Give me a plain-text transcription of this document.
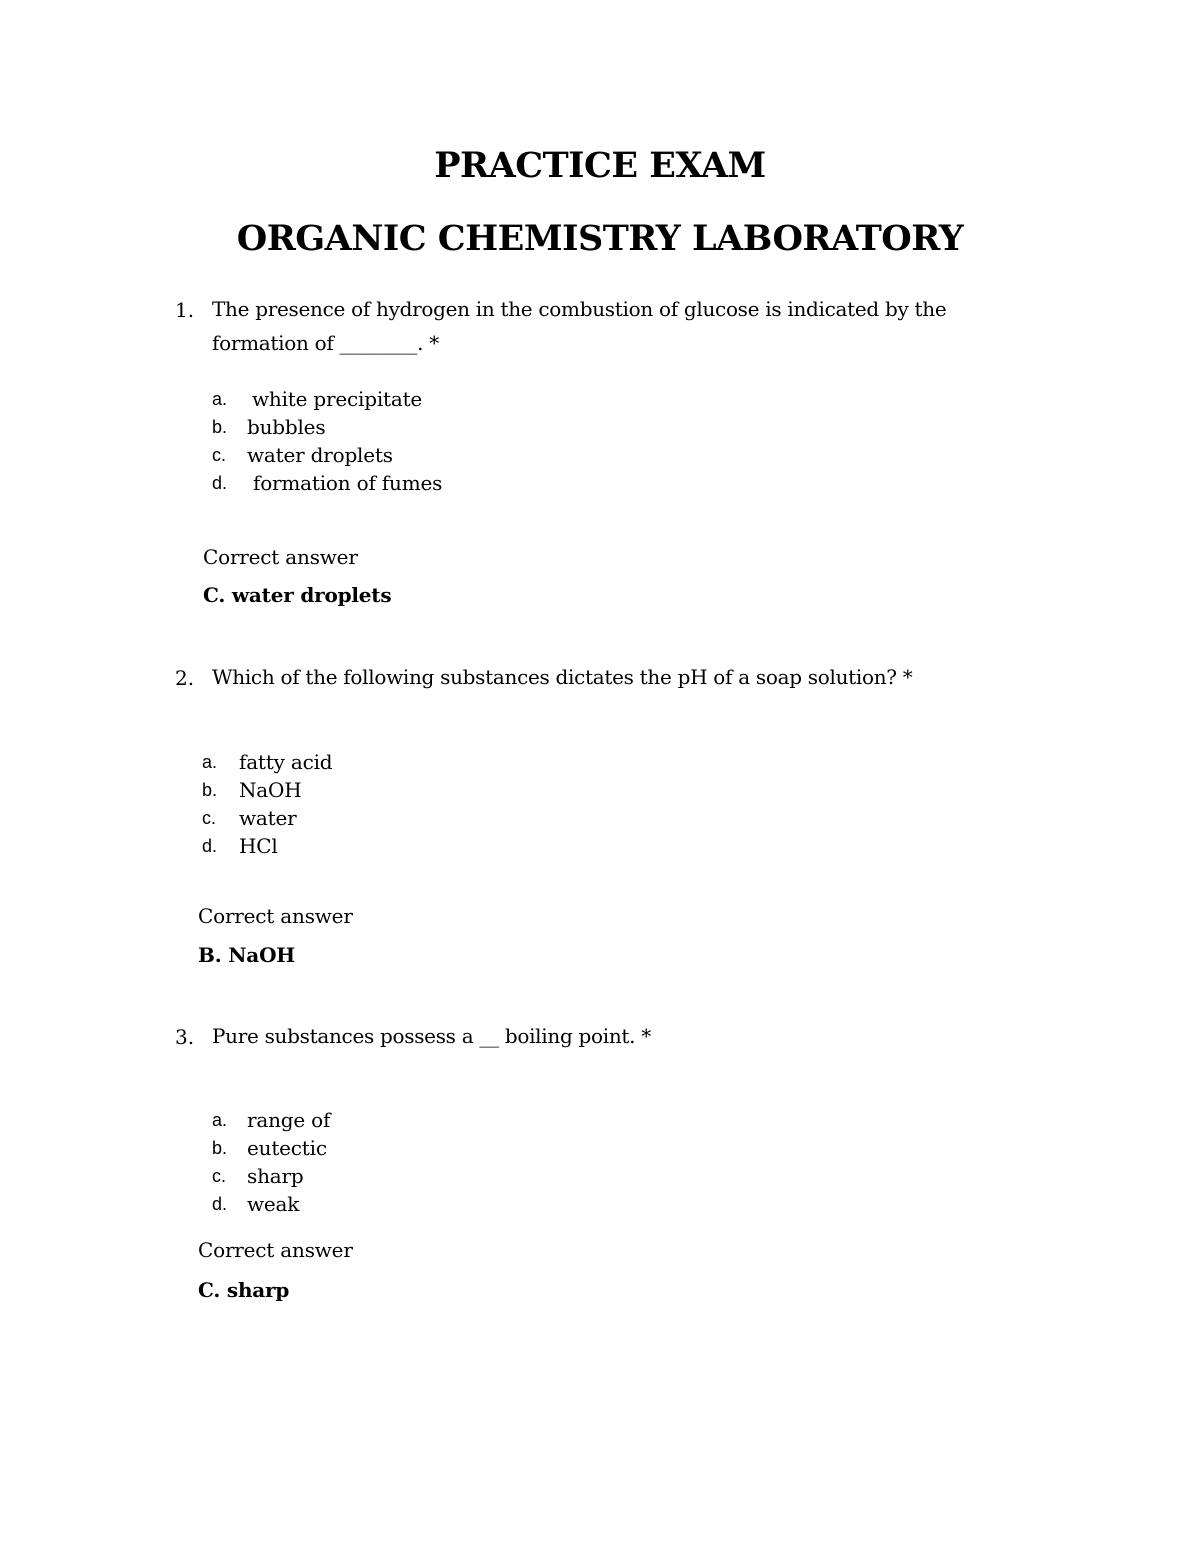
PRACTICE EXAM
ORGANIC CHEMISTRY LABORATORY
1. The presence of hydrogen in the combustion of glucose is indicated by the formation of ________. *
a.	white precipitate
b. bubbles
c.	water droplets
d.	formation of fumes
Correct answer
C. water droplets
2. Which of the following substances dictates the pH of a soap solution? *
a.	fatty acid
b.	NaOH
c.	water
d.	HCl
Correct answer
B. NaOH
3. Pure substances possess a __ boiling point. *
a. range of
b. eutectic
c.	sharp
d. weak
Correct answer
C. sharp
